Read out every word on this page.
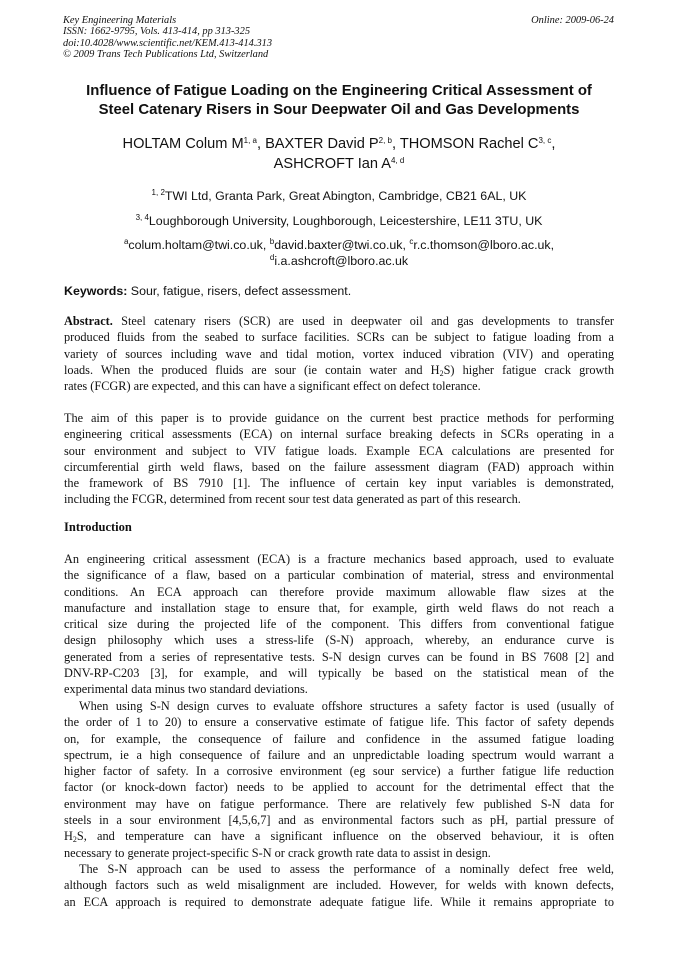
Key Engineering Materials
ISSN: 1662-9795, Vols. 413-414, pp 313-325
doi:10.4028/www.scientific.net/KEM.413-414.313
© 2009 Trans Tech Publications Ltd, Switzerland
Online: 2009-06-24
Influence of Fatigue Loading on the Engineering Critical Assessment of
Steel Catenary Risers in Sour Deepwater Oil and Gas Developments
HOLTAM Colum M$^{1, a}$, BAXTER David P$^{2, b}$, THOMSON Rachel C$^{3, c}$,
ASHCROFT Ian A$^{4, d}$
$^{1, 2}$TWI Ltd, Granta Park, Great Abington, Cambridge, CB21 6AL, UK
$^{3, 4}$Loughborough University, Loughborough, Leicestershire, LE11 3TU, UK
$^a$colum.holtam@twi.co.uk, $^b$david.baxter@twi.co.uk, $^c$r.c.thomson@lboro.ac.uk,
$^d$i.a.ashcroft@lboro.ac.uk
Keywords: Sour, fatigue, risers, defect assessment.
Abstract. Steel catenary risers (SCR) are used in deepwater oil and gas developments to transfer
produced fluids from the seabed to surface facilities. SCRs can be subject to fatigue loading from a
variety of sources including wave and tidal motion, vortex induced vibration (VIV) and operating
loads. When the produced fluids are sour (ie contain water and $H_2S$) higher fatigue crack growth
rates (FCGR) are expected, and this can have a significant effect on defect tolerance.
The aim of this paper is to provide guidance on the current best practice methods for performing
engineering critical assessments (ECA) on internal surface breaking defects in SCRs operating in a
sour environment and subject to VIV fatigue loads. Example ECA calculations are presented for
circumferential girth weld flaws, based on the failure assessment diagram (FAD) approach within
the framework of BS 7910 [1]. The influence of certain key input variables is demonstrated,
including the FCGR, determined from recent sour test data generated as part of this research.
Introduction
An engineering critical assessment (ECA) is a fracture mechanics based approach, used to evaluate
the significance of a flaw, based on a particular combination of material, stress and environmental
conditions. An ECA approach can therefore provide maximum allowable flaw sizes at the
manufacture and installation stage to ensure that, for example, girth weld flaws do not reach a
critical size during the projected life of the component. This differs from conventional fatigue
design philosophy which uses a stress-life (S-N) approach, whereby, an endurance curve is
generated from a series of representative tests. S-N design curves can be found in BS 7608 [2] and
DNV-RP-C203 [3], for example, and will typically be based on the statistical mean of the
experimental data minus two standard deviations.
When using S-N design curves to evaluate offshore structures a safety factor is used (usually of
the order of 1 to 20) to ensure a conservative estimate of fatigue life. This factor of safety depends
on, for example, the consequence of failure and confidence in the assumed fatigue loading
spectrum, ie a high consequence of failure and an unpredictable loading spectrum would warrant a
higher factor of safety. In a corrosive environment (eg sour service) a further fatigue life reduction
factor (or knock-down factor) needs to be applied to account for the detrimental effect that the
environment may have on fatigue performance. There are relatively few published S-N data for
steels in a sour environment [4,5,6,7] and as environmental factors such as pH, partial pressure of
$H_2S$, and temperature can have a significant influence on the observed behaviour, it is often
necessary to generate project-specific S-N or crack growth rate data to assist in design.
The S-N approach can be used to assess the performance of a nominally defect free weld,
although factors such as weld misalignment are included. However, for welds with known defects,
an ECA approach is required to demonstrate adequate fatigue life. While it remains appropriate to
